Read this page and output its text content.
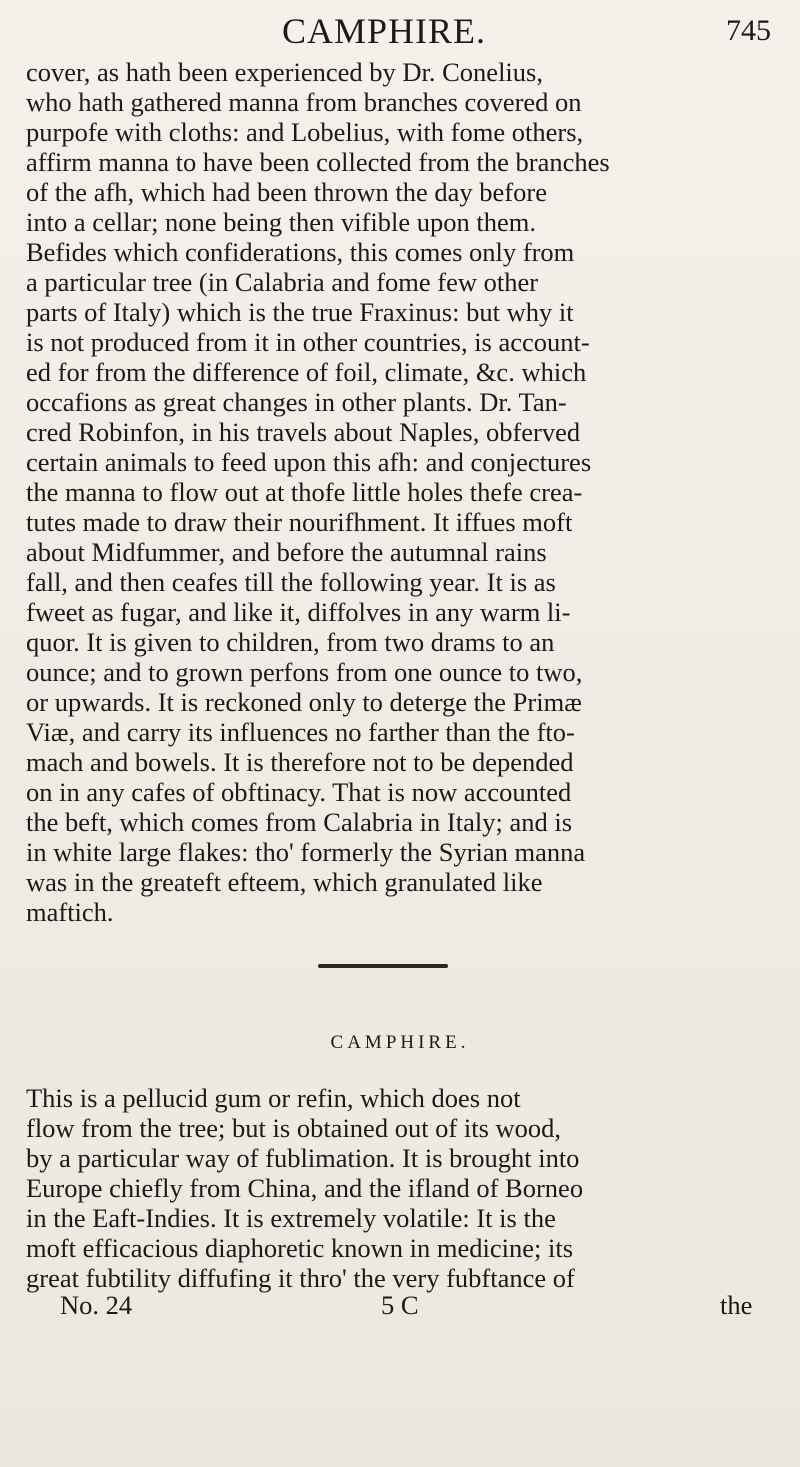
CAMPHIRE.	745
cover, as hath been experienced by Dr. Conelius,
who hath gathered manna from branches covered on
purpofe with cloths: and Lobelius, with fome others,
affirm manna to have been collected from the branches
of the afh, which had been thrown the day before
into a cellar; none being then vifible upon them.
Befides which confiderations, this comes only from
a particular tree (in Calabria and fome few other
parts of Italy) which is the true Fraxinus: but why it
is not produced from it in other countries, is account-
ed for from the difference of foil, climate, &c. which
occafions as great changes in other plants. Dr. Tan-
cred Robinfon, in his travels about Naples, obferved
certain animals to feed upon this afh: and conjectures
the manna to flow out at thofe little holes thefe crea-
tutes made to draw their nourifhment. It iffues moft
about Midfummer, and before the autumnal rains
fall, and then ceafes till the following year. It is as
fweet as fugar, and like it, diffolves in any warm li-
quor. It is given to children, from two drams to an
ounce; and to grown perfons from one ounce to two,
or upwards. It is reckoned only to deterge the Primæ
Viæ, and carry its influences no farther than the fto-
mach and bowels. It is therefore not to be depended
on in any cafes of obftinacy. That is now accounted
the beft, which comes from Calabria in Italy; and is
in white large flakes: tho' formerly the Syrian manna
was in the greateft efteem, which granulated like
maftich.
CAMPHIRE.
This is a pellucid gum or refin, which does not
flow from the tree; but is obtained out of its wood,
by a particular way of fublimation. It is brought into
Europe chiefly from China, and the ifland of Borneo
in the Eaft-Indies. It is extremely volatile: It is the
moft efficacious diaphoretic known in medicine; its
great fubtility diffufing it thro' the very fubftance of
No. 24	5 C	the
